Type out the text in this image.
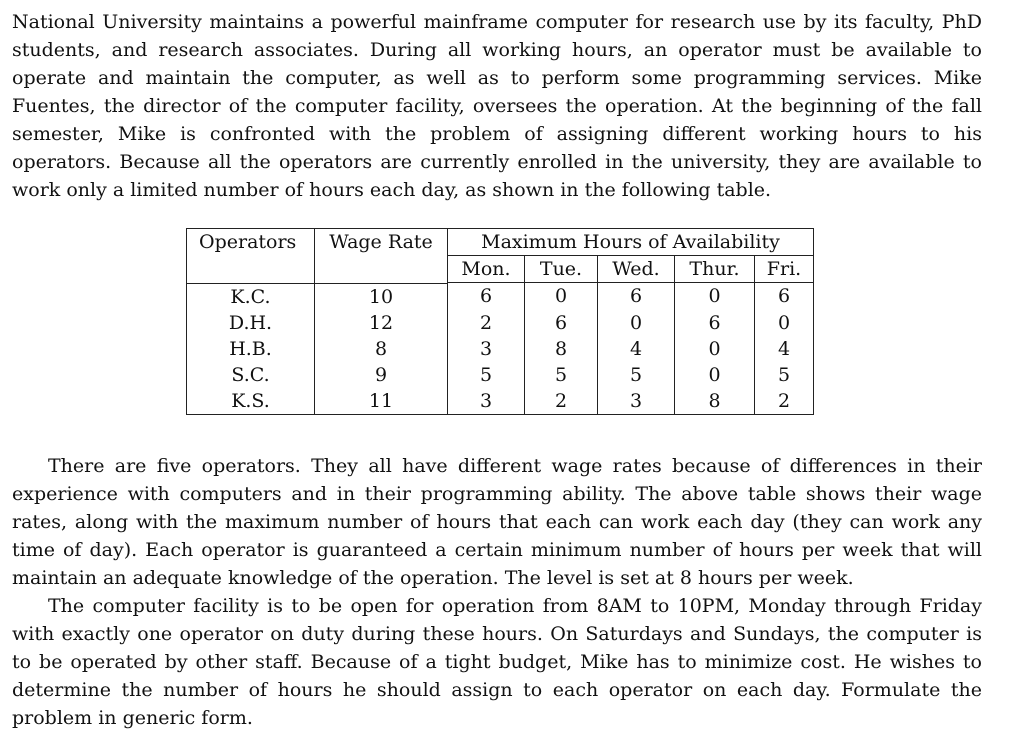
National University maintains a powerful mainframe computer for research use by its faculty, PhD students, and research associates. During all working hours, an operator must be available to operate and maintain the computer, as well as to perform some programming services. Mike Fuentes, the director of the computer facility, oversees the operation. At the beginning of the fall semester, Mike is confronted with the problem of assigning different working hours to his operators. Because all the operators are currently enrolled in the university, they are available to work only a limited number of hours each day, as shown in the following table.

Operators	Wage Rate	Maximum Hours of Availability				
		Mon.	Tue.	Wed.	Thur.	Fri.

K.C.	10	6	0	6	0	6
D.H.	12	2	6	0	6	0
H.B.	8	3	8	4	0	4
S.C.	9	5	5	5	0	5
K.S.	11	3	2	3	8	2

There are five operators. They all have different wage rates because of differences in their experience with computers and in their programming ability. The above table shows their wage rates, along with the maximum number of hours that each can work each day (they can work any time of day). Each operator is guaranteed a certain minimum number of hours per week that will maintain an adequate knowledge of the operation. The level is set at 8 hours per week.

The computer facility is to be open for operation from 8AM to 10PM, Monday through Friday with exactly one operator on duty during these hours. On Saturdays and Sundays, the computer is to be operated by other staff. Because of a tight budget, Mike has to minimize cost. He wishes to determine the number of hours he should assign to each operator on each day. Formulate the problem in generic form.
